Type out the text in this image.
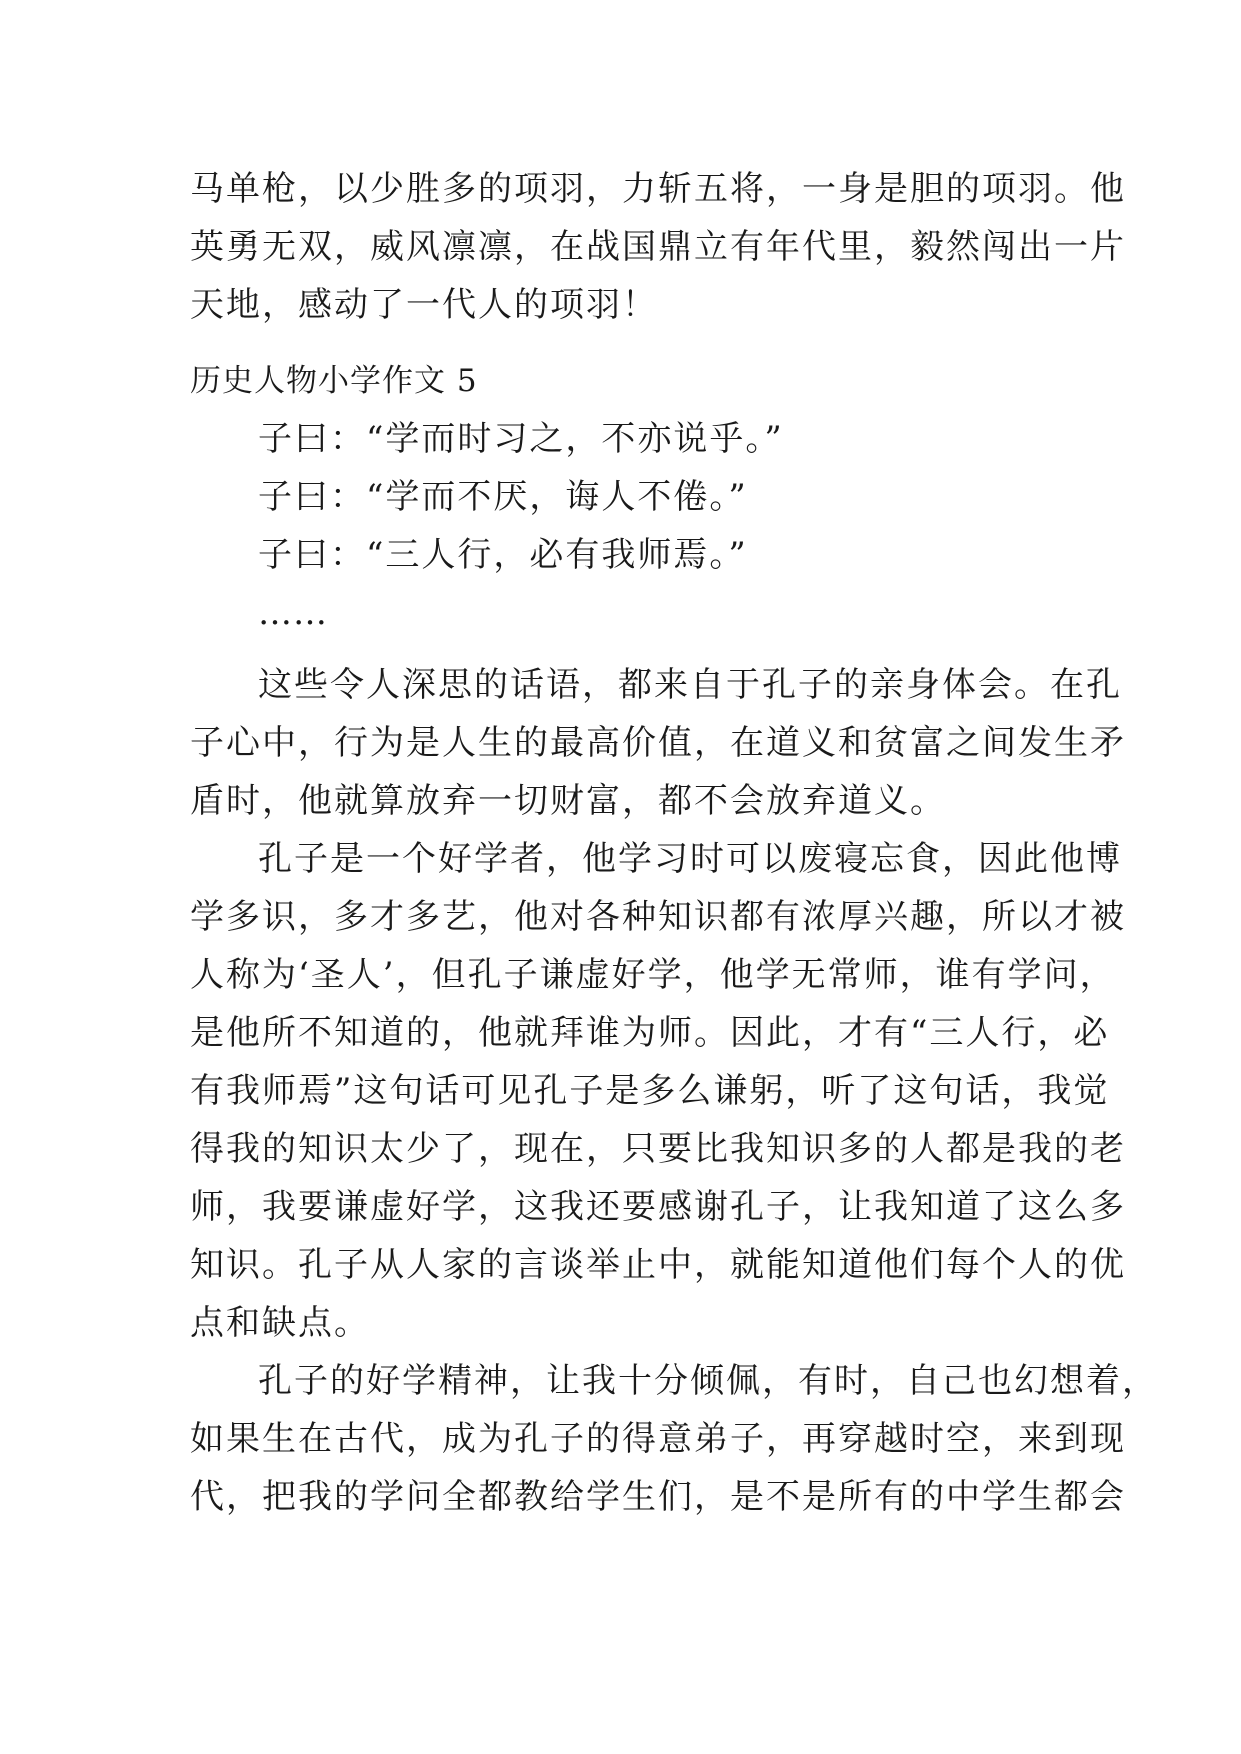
马单枪，以少胜多的项羽，力斩五将，一身是胆的项羽。他
英勇无双，威风凛凛，在战国鼎立有年代里，毅然闯出一片
天地，感动了一代人的项羽！
历史人物小学作文 5
子曰：“学而时习之，不亦说乎。”
子曰：“学而不厌，诲人不倦。”
子曰：“三人行，必有我师焉。”
……
这些令人深思的话语，都来自于孔子的亲身体会。在孔
子心中，行为是人生的最高价值，在道义和贫富之间发生矛
盾时，他就算放弃一切财富，都不会放弃道义。
孔子是一个好学者，他学习时可以废寝忘食，因此他博
学多识，多才多艺，他对各种知识都有浓厚兴趣，所以才被
人称为‘圣人’，但孔子谦虚好学，他学无常师，谁有学问，
是他所不知道的，他就拜谁为师。因此，才有“三人行，必
有我师焉”这句话可见孔子是多么谦躬，听了这句话，我觉
得我的知识太少了，现在，只要比我知识多的人都是我的老
师，我要谦虚好学，这我还要感谢孔子，让我知道了这么多
知识。孔子从人家的言谈举止中，就能知道他们每个人的优
点和缺点。
孔子的好学精神，让我十分倾佩，有时，自己也幻想着，
如果生在古代，成为孔子的得意弟子，再穿越时空，来到现
代，把我的学问全都教给学生们，是不是所有的中学生都会
